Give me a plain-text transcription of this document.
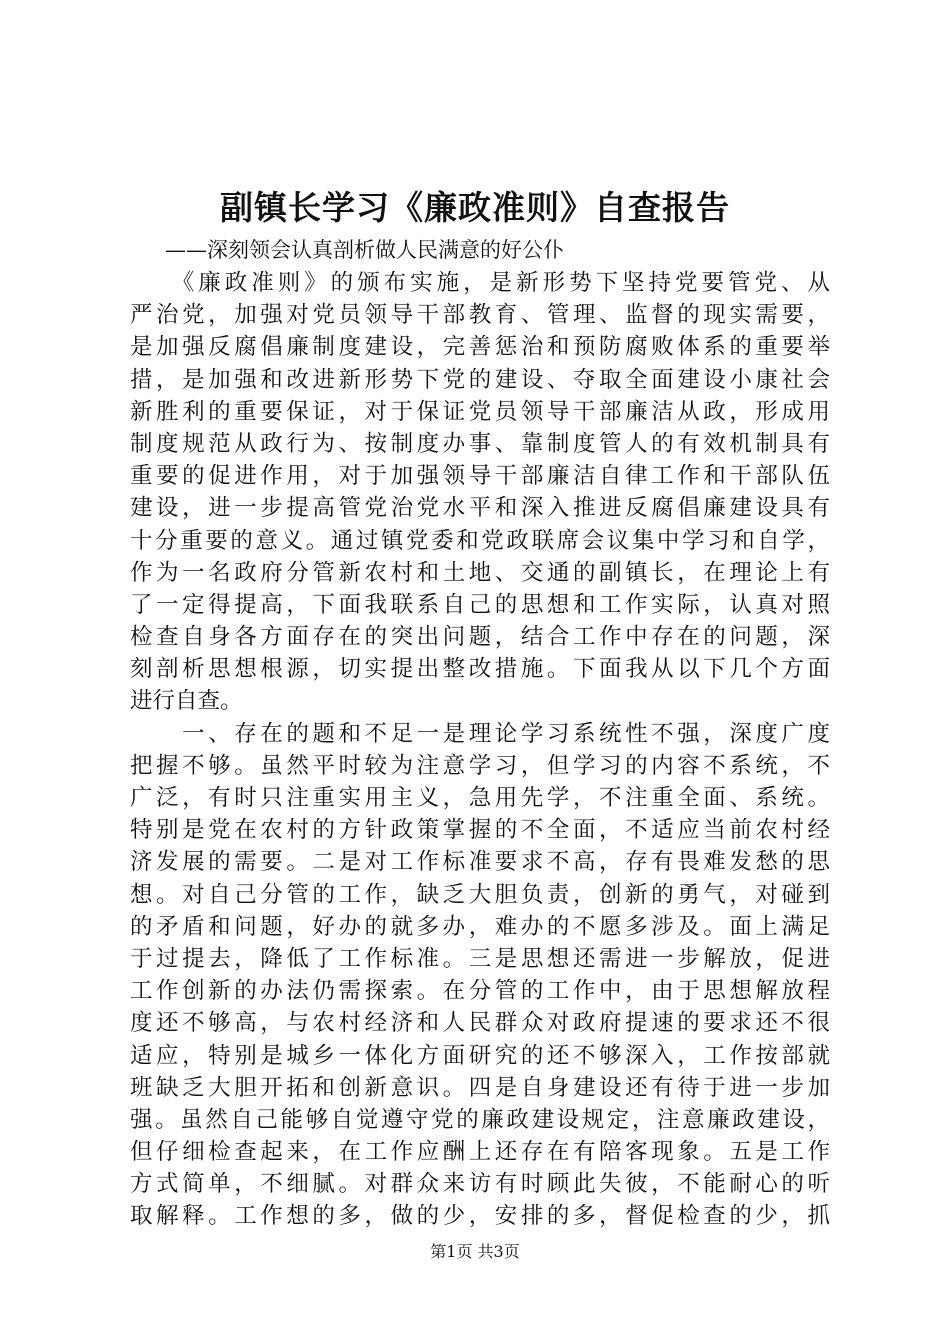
副镇长学习《廉政准则》自查报告
——深刻领会认真剖析做人民满意的好公仆
　　《廉政准则》的颁布实施，是新形势下坚持党要管党、从
严治党，加强对党员领导干部教育、管理、监督的现实需要，
是加强反腐倡廉制度建设，完善惩治和预防腐败体系的重要举
措，是加强和改进新形势下党的建设、夺取全面建设小康社会
新胜利的重要保证，对于保证党员领导干部廉洁从政，形成用
制度规范从政行为、按制度办事、靠制度管人的有效机制具有
重要的促进作用，对于加强领导干部廉洁自律工作和干部队伍
建设，进一步提高管党治党水平和深入推进反腐倡廉建设具有
十分重要的意义。通过镇党委和党政联席会议集中学习和自学，
作为一名政府分管新农村和土地、交通的副镇长，在理论上有
了一定得提高，下面我联系自己的思想和工作实际，认真对照
检查自身各方面存在的突出问题，结合工作中存在的问题，深
刻剖析思想根源，切实提出整改措施。下面我从以下几个方面
进行自查。
　　一、存在的题和不足一是理论学习系统性不强，深度广度
把握不够。虽然平时较为注意学习，但学习的内容不系统，不
广泛，有时只注重实用主义，急用先学，不注重全面、系统。
特别是党在农村的方针政策掌握的不全面，不适应当前农村经
济发展的需要。二是对工作标准要求不高，存有畏难发愁的思
想。对自己分管的工作，缺乏大胆负责，创新的勇气，对碰到
的矛盾和问题，好办的就多办，难办的不愿多涉及。面上满足
于过提去，降低了工作标准。三是思想还需进一步解放，促进
工作创新的办法仍需探索。在分管的工作中，由于思想解放程
度还不够高，与农村经济和人民群众对政府提速的要求还不很
适应，特别是城乡一体化方面研究的还不够深入，工作按部就
班缺乏大胆开拓和创新意识。四是自身建设还有待于进一步加
强。虽然自己能够自觉遵守党的廉政建设规定，注意廉政建设，
但仔细检查起来，在工作应酬上还存在有陪客现象。五是工作
方式简单，不细腻。对群众来访有时顾此失彼，不能耐心的听
取解释。工作想的多，做的少，安排的多，督促检查的少，抓
第1页 共3页
